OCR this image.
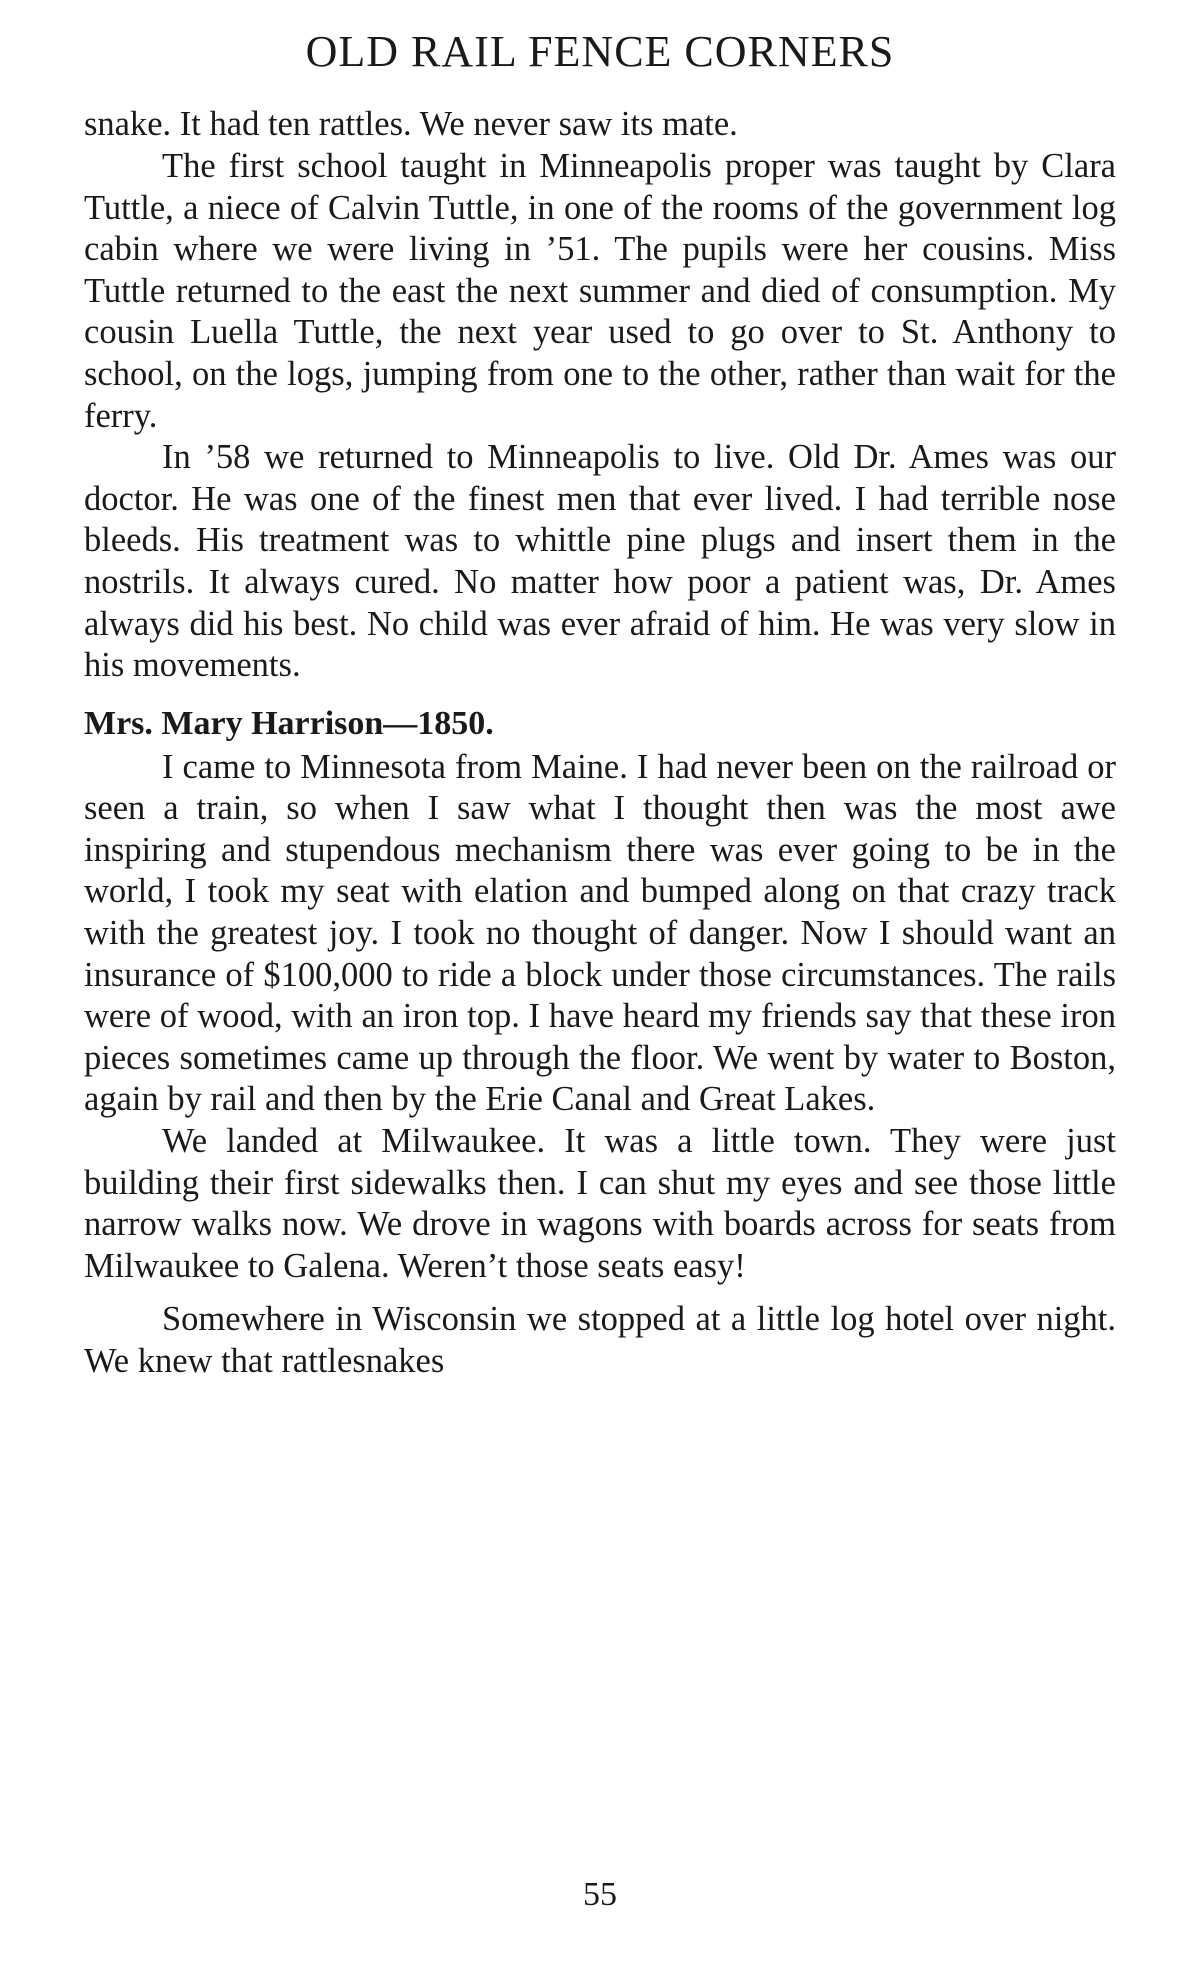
OLD RAIL FENCE CORNERS

snake. It had ten rattles. We never saw its mate.

The first school taught in Minneapolis proper was taught by Clara Tuttle, a niece of Calvin Tuttle, in one of the rooms of the government log cabin where we were living in ’51. The pupils were her cousins. Miss Tuttle returned to the east the next summer and died of consumption. My cousin Luella Tuttle, the next year used to go over to St. Anthony to school, on the logs, jumping from one to the other, rather than wait for the ferry.

In ’58 we returned to Minneapolis to live. Old Dr. Ames was our doctor. He was one of the finest men that ever lived. I had terrible nose bleeds. His treatment was to whittle pine plugs and insert them in the nostrils. It always cured. No matter how poor a patient was, Dr. Ames always did his best. No child was ever afraid of him. He was very slow in his movements.

Mrs. Mary Harrison—1850.

I came to Minnesota from Maine. I had never been on the railroad or seen a train, so when I saw what I thought then was the most awe inspiring and stupendous mechanism there was ever going to be in the world, I took my seat with elation and bumped along on that crazy track with the greatest joy. I took no thought of danger. Now I should want an insurance of $100,000 to ride a block under those circumstances. The rails were of wood, with an iron top. I have heard my friends say that these iron pieces sometimes came up through the floor. We went by water to Boston, again by rail and then by the Erie Canal and Great Lakes.

We landed at Milwaukee. It was a little town. They were just building their first sidewalks then. I can shut my eyes and see those little narrow walks now. We drove in wagons with boards across for seats from Milwaukee to Galena. Weren’t those seats easy!

Somewhere in Wisconsin we stopped at a little log hotel over night. We knew that rattlesnakes

55
